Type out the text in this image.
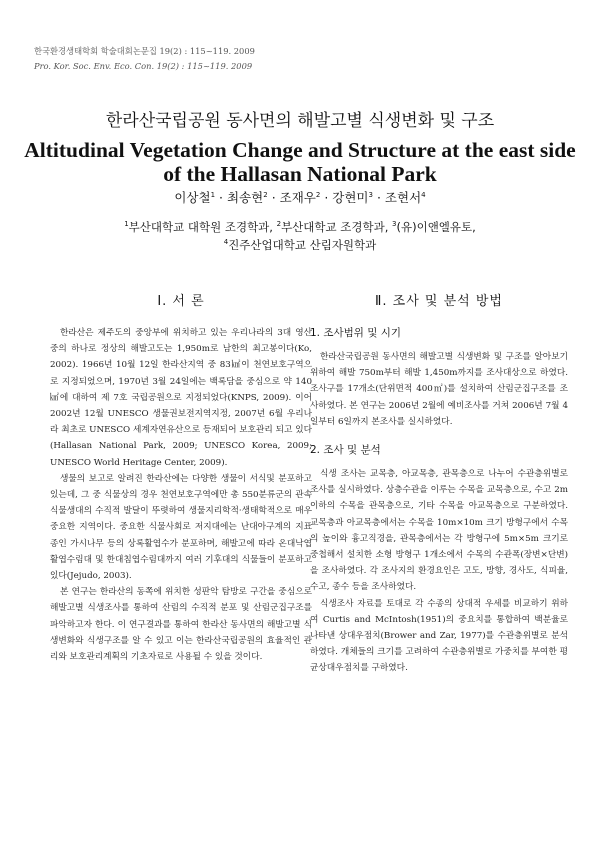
한국환경생태학회 학술대회논문집 19(2) : 115~119. 2009
Pro. Kor. Soc. Env. Eco. Con. 19(2) : 115~119. 2009
한라산국립공원 동사면의 해발고별 식생변화 및 구조
Altitudinal Vegetation Change and Structure at the east side of the Hallasan National Park
이상철$^1$ · 최송현$^2$ · 조재우$^2$ · 강현미$^3$ · 조현서$^4$
$^1$부산대학교 대학원 조경학과, $^2$부산대학교 조경학과, $^3$(유)이앤엘유토,
$^4$진주산업대학교 산림자원학과
Ⅰ. 서 론

한라산은 제주도의 중앙부에 위치하고 있는 우리나라의 3대 영산 중의 하나로 정상의 해발고도는 1,950m로 남한의 최고봉이다(Ko, 2002). 1966년 10월 12일 한라산지역 중 83㎢이 천연보호구역으로 지정되었으며, 1970년 3월 24일에는 백록담을 중심으로 약 140㎢에 대하여 제 7호 국립공원으로 지정되었다(KNPS, 2009). 이어 2002년 12월 UNESCO 생물권보전지역지정, 2007년 6월 우리나라 최초로 UNESCO 세계자연유산으로 등재되어 보호관리 되고 있다(Hallasan National Park, 2009; UNESCO Korea, 2009; UNESCO World Heritage Center, 2009).

생물의 보고로 알려진 한라산에는 다양한 생물이 서식및 분포하고 있는데, 그 중 식물상의 경우 천연보호구역에만 총 550분류군의 관속식물생대의 수직적 발달이 뚜렷하여 생물지리학적·생태학적으로 매우 중요한 지역이다. 중요한 식물사회로 저지대에는 난대아구계의 지표종인 가시나무 등의 상록활엽수가 분포하며, 해발고에 따라 온대낙엽활엽수림대 및 한대침엽수림대까지 여러 기후대의 식물들이 분포하고 있다(Jejudo, 2003).

본 연구는 한라산의 동쪽에 위치한 성판악 탐방로 구간을 중심으로 해발고별 식생조사를 통하여 산림의 수직적 분포 및 산림군집구조를 파악하고자 한다. 이 연구결과를 통하여 한라산 동사면의 해발고별 식생변화와 식생구조를 알 수 있고 이는 한라산국립공원의 효율적인 관리와 보호관리계획의 기초자료로 사용될 수 있을 것이다.

Ⅱ. 조사 및 분석 방법
1. 조사범위 및 시기

한라산국립공원 동사면의 해발고별 식생변화 및 구조를 알아보기 위하여 해발 750m부터 해발 1,450m까지를 조사대상으로 하였다. 조사구를 17개소(단위면적 400㎡)를 설치하여 산림군집구조를 조사하였다. 본 연구는 2006년 2월에 예비조사를 거쳐 2006년 7월 4일부터 6일까지 본조사를 실시하였다.

2. 조사 및 분석

식생 조사는 교목층, 아교목층, 관목층으로 나누어 수관층위별로 조사를 실시하였다. 상층수관을 이루는 수목을 교목층으로, 수고 2m이하의 수목을 관목층으로, 기타 수목을 아교목층으로 구분하였다. 교목층과 아교목층에서는 수목을 10m×10m 크기 방형구에서 수목의 높이와 흉고직경을, 관목층에서는 각 방형구에 5m×5m 크기로 중첩해서 설치한 소형 방형구 1개소에서 수목의 수관폭(장변×단변)을 조사하였다. 각 조사지의 환경요인은 고도, 방향, 경사도, 식피율, 수고, 종수 등을 조사하였다.

식생조사 자료를 토대로 각 수종의 상대적 우세를 비교하기 위하여 Curtis and McIntosh(1951)의 중요치를 통합하여 백분율로 나타낸 상대우점치(Brower and Zar, 1977)를 수관층위별로 분석하였다. 개체들의 크기를 고려하여 수관층위별로 가중치를 부여한 평균상대우점치를 구하였다.
